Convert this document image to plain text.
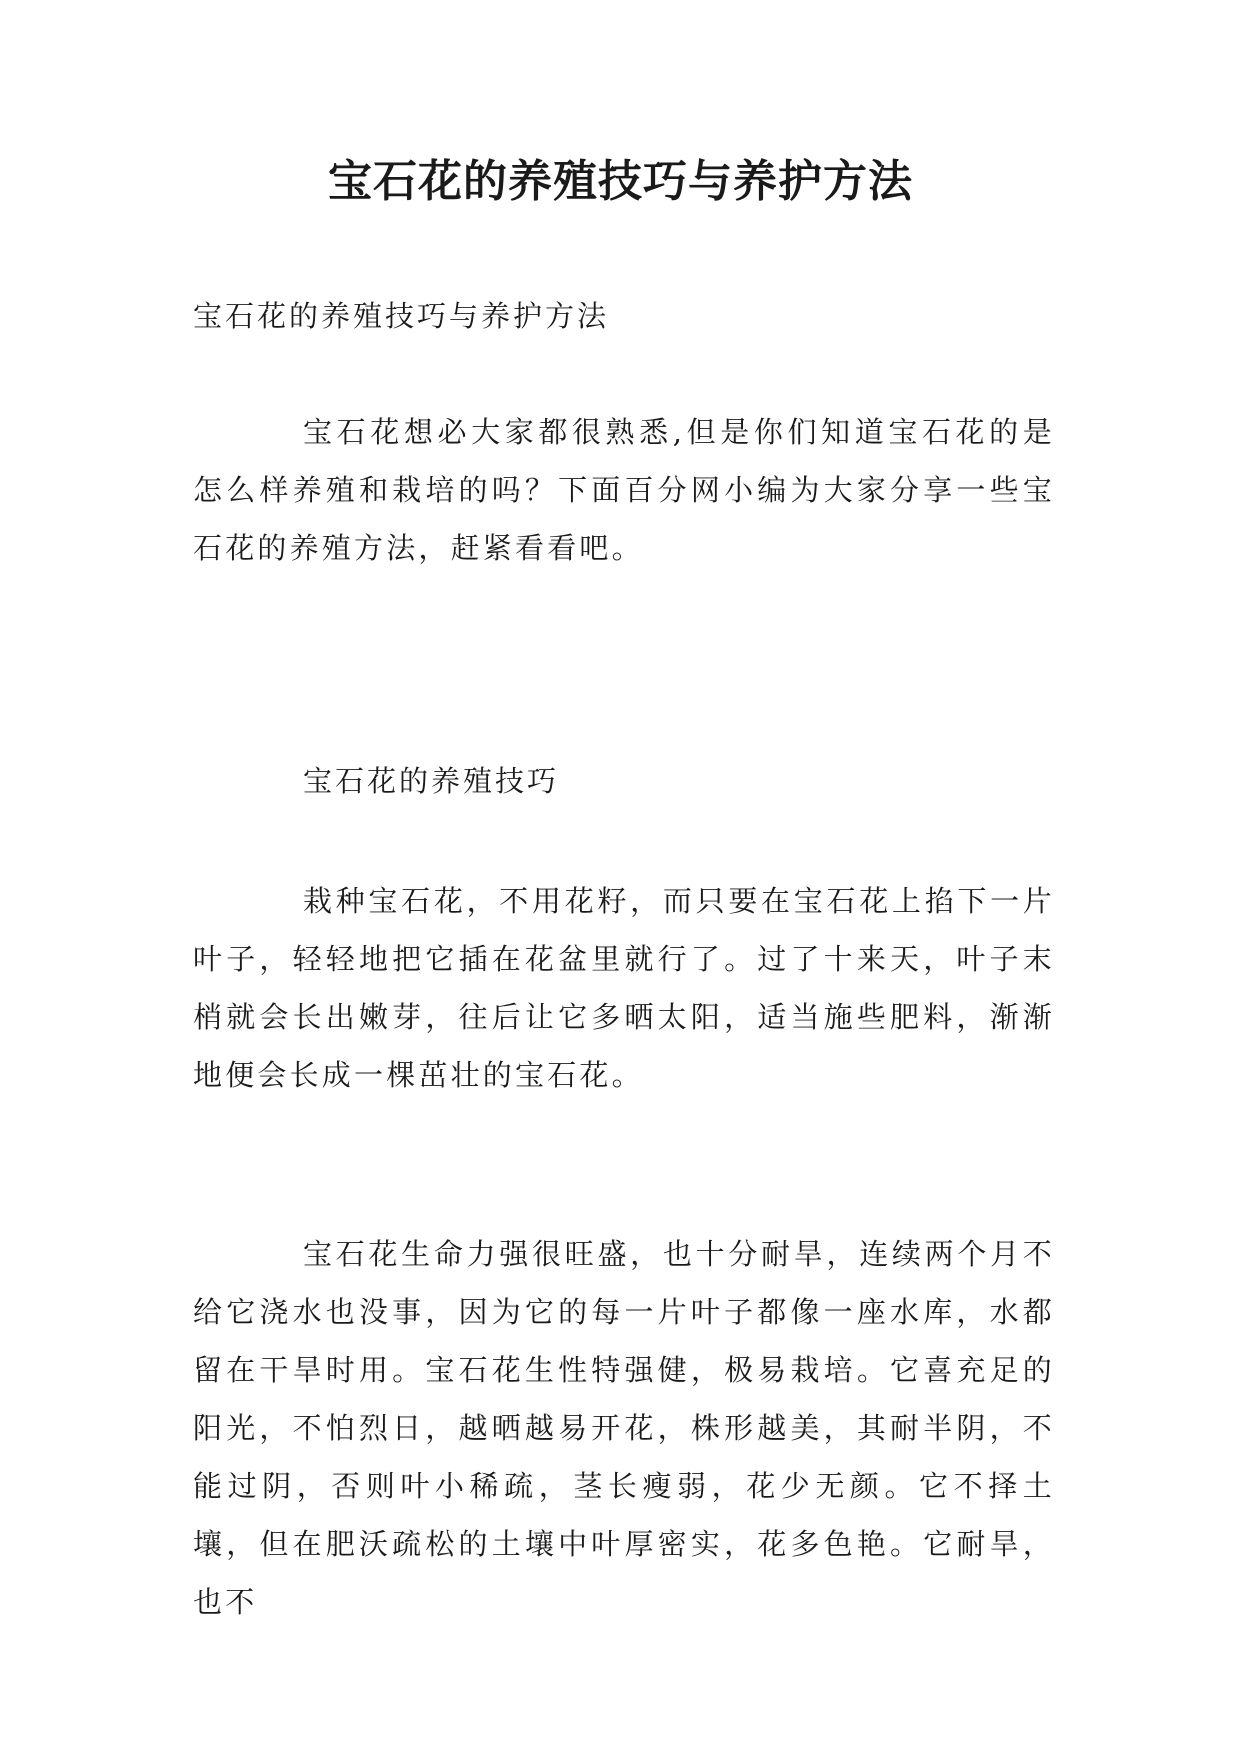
宝石花的养殖技巧与养护方法

宝石花的养殖技巧与养护方法

宝石花想必大家都很熟悉,但是你们知道宝石花的是怎么样养殖和栽培的吗？下面百分网小编为大家分享一些宝石花的养殖方法，赶紧看看吧。

宝石花的养殖技巧

栽种宝石花，不用花籽，而只要在宝石花上掐下一片叶子，轻轻地把它插在花盆里就行了。过了十来天，叶子末梢就会长出嫩芽，往后让它多晒太阳，适当施些肥料，渐渐地便会长成一棵茁壮的宝石花。

宝石花生命力强很旺盛，也十分耐旱，连续两个月不给它浇水也没事，因为它的每一片叶子都像一座水库，水都留在干旱时用。宝石花生性特强健，极易栽培。它喜充足的阳光，不怕烈日，越晒越易开花，株形越美，其耐半阴，不能过阴，否则叶小稀疏，茎长瘦弱，花少无颜。它不择土壤，但在肥沃疏松的土壤中叶厚密实，花多色艳。它耐旱，也不
